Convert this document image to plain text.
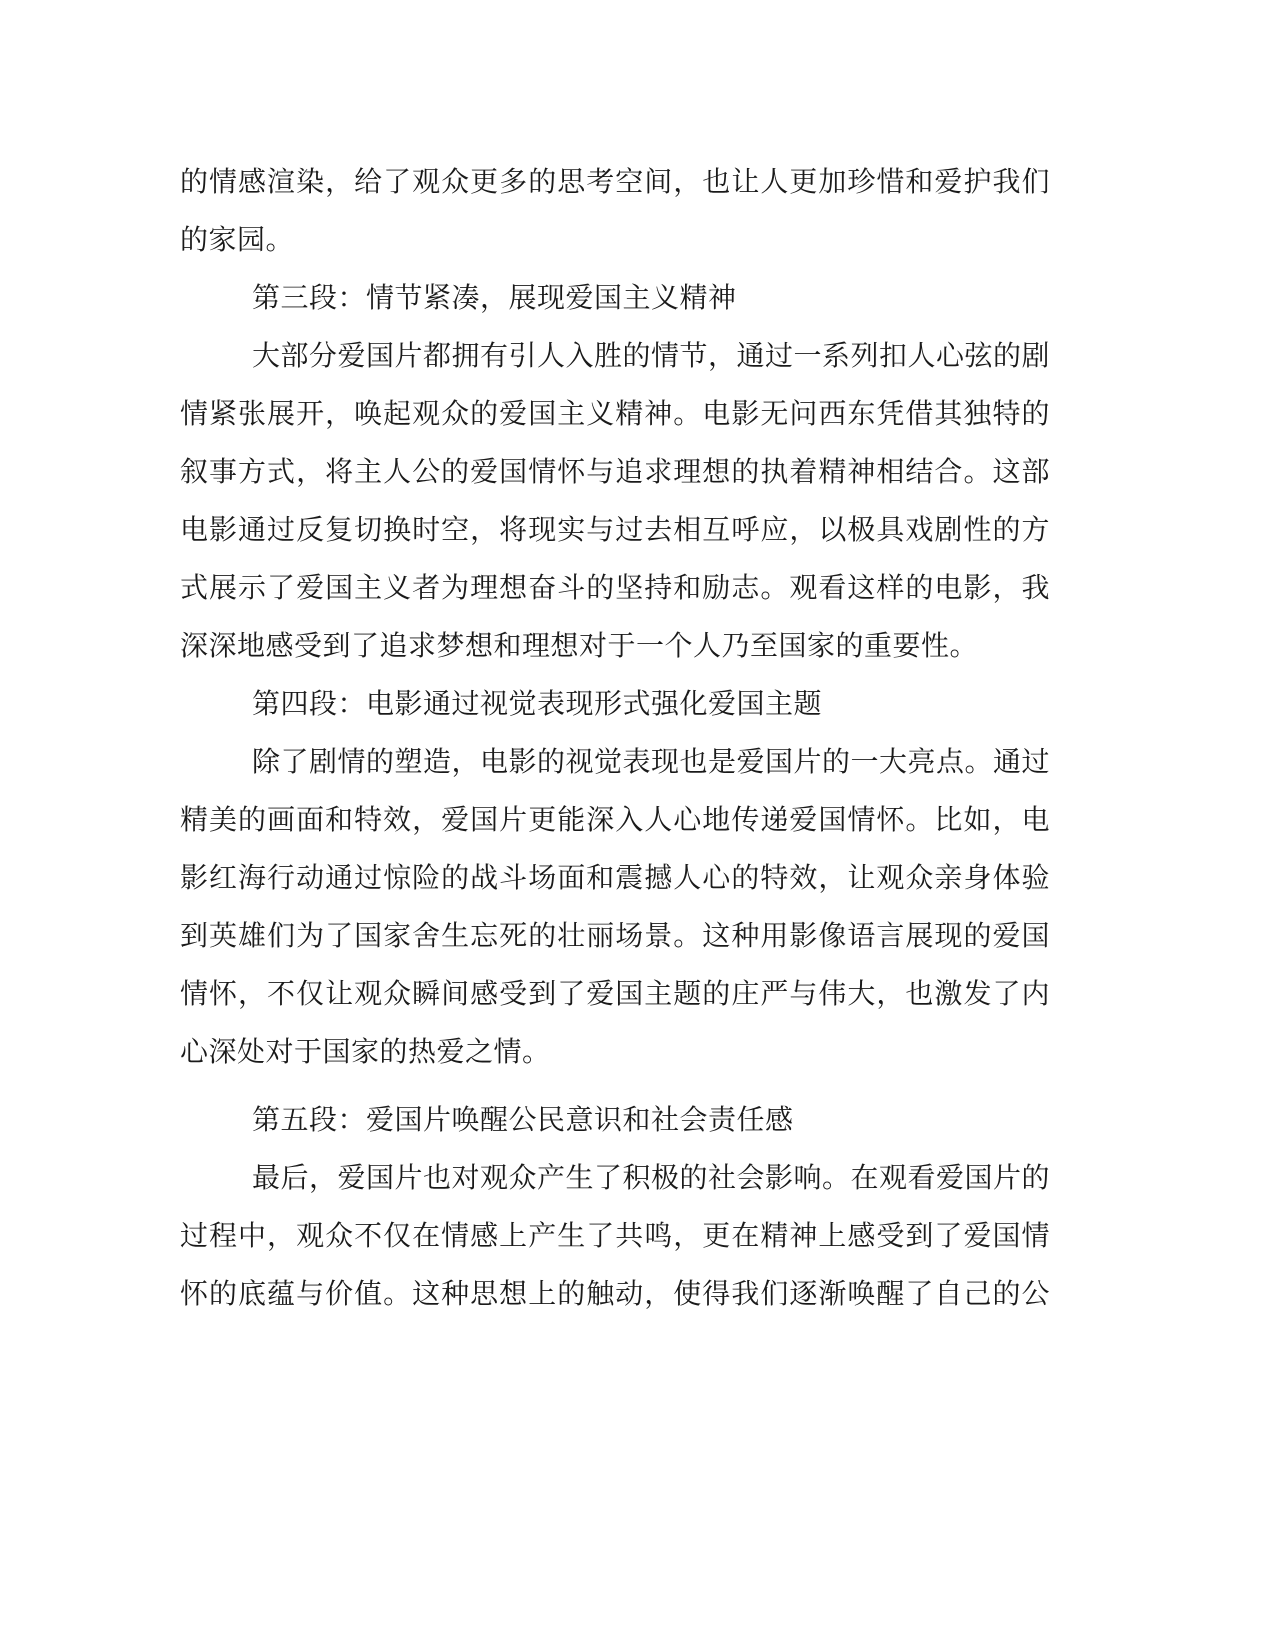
的情感渲染，给了观众更多的思考空间，也让人更加珍惜和爱护我们
的家园。
第三段：情节紧凑，展现爱国主义精神
大部分爱国片都拥有引人入胜的情节，通过一系列扣人心弦的剧
情紧张展开，唤起观众的爱国主义精神。电影无问西东凭借其独特的
叙事方式，将主人公的爱国情怀与追求理想的执着精神相结合。这部
电影通过反复切换时空，将现实与过去相互呼应，以极具戏剧性的方
式展示了爱国主义者为理想奋斗的坚持和励志。观看这样的电影，我
深深地感受到了追求梦想和理想对于一个人乃至国家的重要性。
第四段：电影通过视觉表现形式强化爱国主题
除了剧情的塑造，电影的视觉表现也是爱国片的一大亮点。通过
精美的画面和特效，爱国片更能深入人心地传递爱国情怀。比如，电
影红海行动通过惊险的战斗场面和震撼人心的特效，让观众亲身体验
到英雄们为了国家舍生忘死的壮丽场景。这种用影像语言展现的爱国
情怀，不仅让观众瞬间感受到了爱国主题的庄严与伟大，也激发了内
心深处对于国家的热爱之情。
第五段：爱国片唤醒公民意识和社会责任感
最后，爱国片也对观众产生了积极的社会影响。在观看爱国片的
过程中，观众不仅在情感上产生了共鸣，更在精神上感受到了爱国情
怀的底蕴与价值。这种思想上的触动，使得我们逐渐唤醒了自己的公
